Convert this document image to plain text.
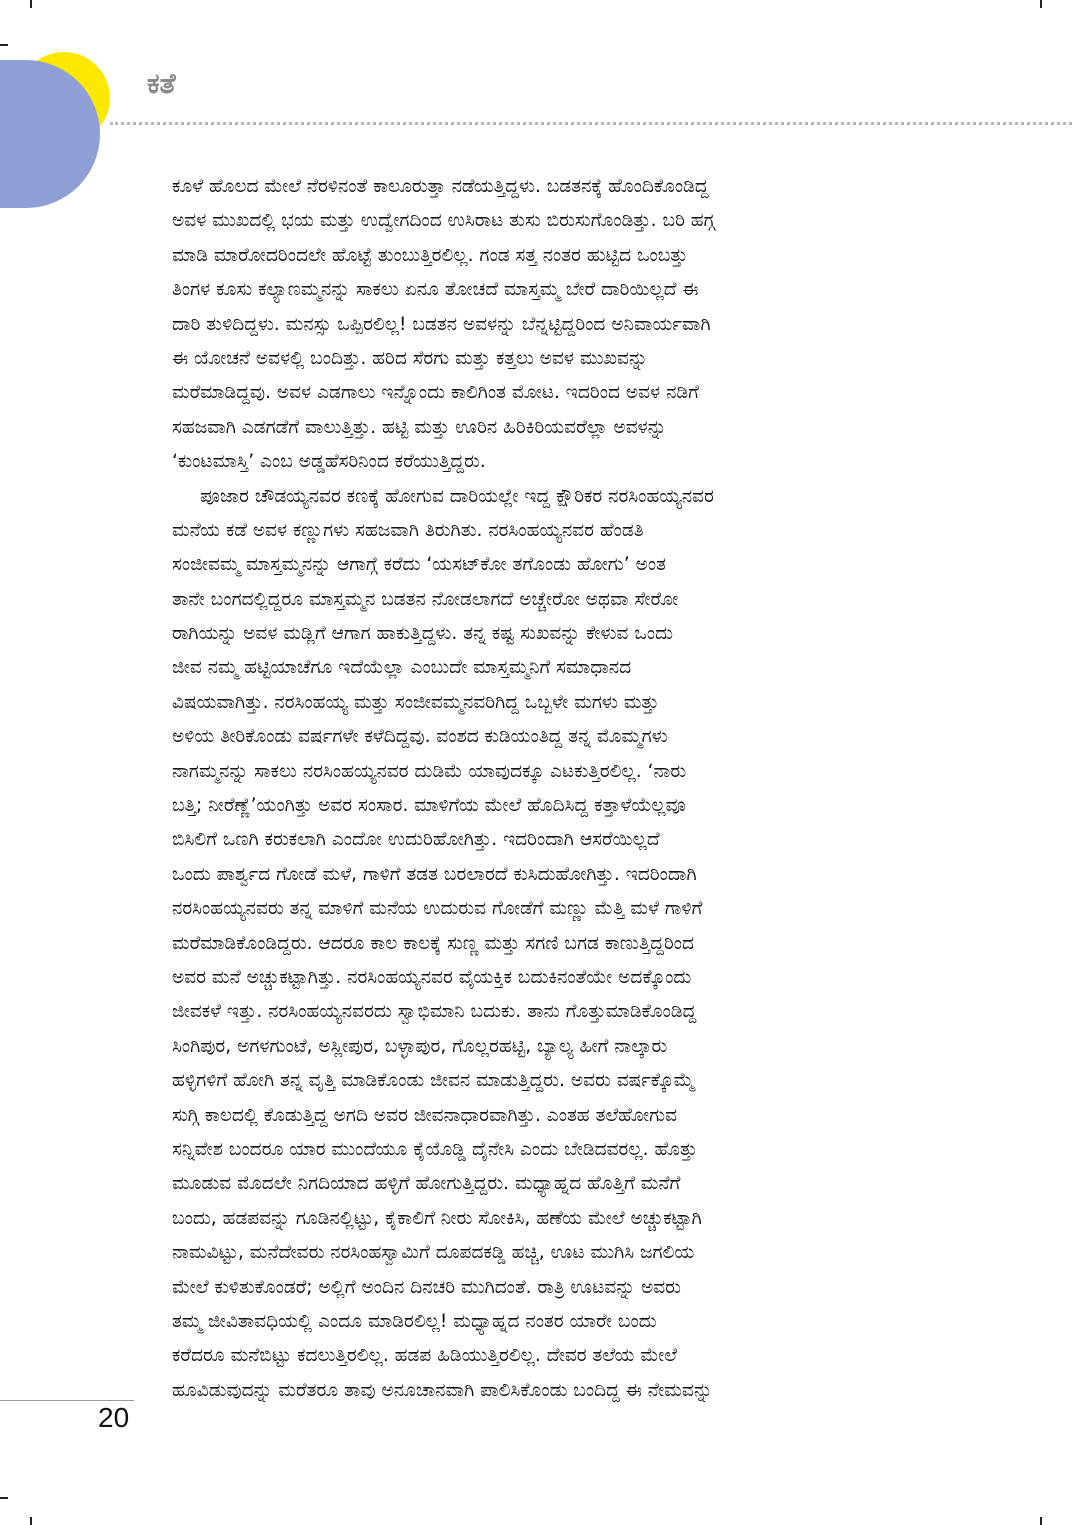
ಕತೆ
ಕೂಳೆ ಹೊಲದ ಮೇಲೆ ನೆರಳಿನಂತೆ ಕಾಲೂರುತ್ತಾ ನಡೆಯತ್ತಿದ್ದಳು. ಬಡತನಕ್ಕೆ ಹೊಂದಿಕೊಂಡಿದ್ದ
ಅವಳ ಮುಖದಲ್ಲಿ ಭಯ ಮತ್ತು ಉದ್ವೇಗದಿಂದ ಉಸಿರಾಟ ತುಸು ಬಿರುಸುಗೊಂಡಿತ್ತು. ಬರಿ ಹಗ್ಗ
ಮಾಡಿ ಮಾರೋದರಿಂದಲೇ ಹೊಟ್ಟೆ ತುಂಬುತ್ತಿರಲಿಲ್ಲ. ಗಂಡ ಸತ್ತ ನಂತರ ಹುಟ್ಟಿದ ಒಂಬತ್ತು
ತಿಂಗಳ ಕೂಸು ಕಲ್ಯಾಣಮ್ಮನನ್ನು ಸಾಕಲು ಏನೂ ತೋಚದೆ ಮಾಸ್ತಮ್ಮ ಬೇರೆ ದಾರಿಯಿಲ್ಲದೆ ಈ
ದಾರಿ ತುಳಿದಿದ್ದಳು. ಮನಸ್ಸು ಒಪ್ಪಿರಲಿಲ್ಲ! ಬಡತನ ಅವಳನ್ನು ಬೆನ್ನಟ್ಟಿದ್ದರಿಂದ ಅನಿವಾರ್ಯವಾಗಿ
ಈ ಯೋಚನೆ ಅವಳಲ್ಲಿ ಬಂದಿತ್ತು. ಹರಿದ ಸೆರಗು ಮತ್ತು ಕತ್ತಲು ಅವಳ ಮುಖವನ್ನು
ಮರೆಮಾಡಿದ್ದವು. ಅವಳ ಎಡಗಾಲು ಇನ್ನೊಂದು ಕಾಲಿಗಿಂತ ಮೋಟ. ಇದರಿಂದ ಅವಳ ನಡಿಗೆ
ಸಹಜವಾಗಿ ಎಡಗಡೆಗೆ ವಾಲುತ್ತಿತ್ತು. ಹಟ್ಟಿ ಮತ್ತು ಊರಿನ ಹಿರಿಕಿರಿಯವರೆಲ್ಲಾ ಅವಳನ್ನು
‘ಕುಂಟಮಾಸ್ತಿ’ ಎಂಬ ಅಡ್ಡಹೆಸರಿನಿಂದ ಕರೆಯುತ್ತಿದ್ದರು.
ಪೂಜಾರ ಚೌಡಯ್ಯನವರ ಕಣಕ್ಕೆ ಹೋಗುವ ದಾರಿಯಲ್ಲೇ ಇದ್ದ ಕ್ಷೌರಿಕರ ನರಸಿಂಹಯ್ಯನವರ
ಮನೆಯ ಕಡೆ ಅವಳ ಕಣ್ಣುಗಳು ಸಹಜವಾಗಿ ತಿರುಗಿತು. ನರಸಿಂಹಯ್ಯನವರ ಹೆಂಡತಿ
ಸಂಜೀವಮ್ಮ ಮಾಸ್ತಮ್ಮನನ್ನು ಆಗಾಗ್ಗೆ ಕರೆದು ‘ಯಸಟ್‌ಕೋ ತಗೊಂಡು ಹೋಗು’ ಅಂತ
ತಾನೇ ಬಂಗದಲ್ಲಿದ್ದರೂ ಮಾಸ್ತಮ್ಮನ ಬಡತನ ನೋಡಲಾಗದೆ ಅಚ್ಚೇರೋ ಅಥವಾ ಸೇರೋ
ರಾಗಿಯನ್ನು ಅವಳ ಮಡ್ಲಿಗೆ ಆಗಾಗ ಹಾಕುತ್ತಿದ್ದಳು. ತನ್ನ ಕಷ್ಟ ಸುಖವನ್ನು ಕೇಳುವ ಒಂದು
ಜೀವ ನಮ್ಮ ಹಟ್ಟಿಯಾಚೆಗೂ ಇದೆಯೆಲ್ಲಾ ಎಂಬುದೇ ಮಾಸ್ತಮ್ಮನಿಗೆ ಸಮಾಧಾನದ
ವಿಷಯವಾಗಿತ್ತು. ನರಸಿಂಹಯ್ಯ ಮತ್ತು ಸಂಜೀವಮ್ಮನವರಿಗಿದ್ದ ಒಬ್ಬಳೇ ಮಗಳು ಮತ್ತು
ಅಳಿಯ ತೀರಿಕೊಂಡು ವರ್ಷಗಳೇ ಕಳೆದಿದ್ದವು. ವಂಶದ ಕುಡಿಯಂತಿದ್ದ ತನ್ನ ಮೊಮ್ಮಗಳು
ನಾಗಮ್ಮನನ್ನು ಸಾಕಲು ನರಸಿಂಹಯ್ಯನವರ ದುಡಿಮೆ ಯಾವುದಕ್ಕೂ ಎಟಕುತ್ತಿರಲಿಲ್ಲ. ‘ನಾರು
ಬತ್ತಿ; ನೀರೆಣ್ಣೆ’ಯಂಗಿತ್ತು ಅವರ ಸಂಸಾರ. ಮಾಳಿಗೆಯ ಮೇಲೆ ಹೊದಿಸಿದ್ದ ಕತ್ತಾಳೆಯೆಲ್ಲವೂ
ಬಿಸಿಲಿಗೆ ಒಣಗಿ ಕರುಕಲಾಗಿ ಎಂದೋ ಉದುರಿಹೋಗಿತ್ತು. ಇದರಿಂದಾಗಿ ಆಸರೆಯಿಲ್ಲದೆ
ಒಂದು ಪಾರ್ಶ್ವದ ಗೋಡೆ ಮಳೆ, ಗಾಳಿಗೆ ತಡತ ಬರಲಾರದೆ ಕುಸಿದುಹೋಗಿತ್ತು. ಇದರಿಂದಾಗಿ
ನರಸಿಂಹಯ್ಯನವರು ತನ್ನ ಮಾಳಿಗೆ ಮನೆಯ ಉದುರುವ ಗೋಡೆಗೆ ಮಣ್ಣು ಮೆತ್ತಿ ಮಳೆ ಗಾಳಿಗೆ
ಮರೆಮಾಡಿಕೊಂಡಿದ್ದರು. ಆದರೂ ಕಾಲ ಕಾಲಕ್ಕೆ ಸುಣ್ಣ ಮತ್ತು ಸಗಣಿ ಬಗಡ ಕಾಣುತ್ತಿದ್ದರಿಂದ
ಅವರ ಮನೆ ಅಚ್ಚುಕಟ್ಟಾಗಿತ್ತು. ನರಸಿಂಹಯ್ಯನವರ ವೈಯಕ್ತಿಕ ಬದುಕಿನಂತೆಯೇ ಅದಕ್ಕೊಂದು
ಜೀವಕಳೆ ಇತ್ತು. ನರಸಿಂಹಯ್ಯನವರದು ಸ್ವಾಭಿಮಾನಿ ಬದುಕು. ತಾನು ಗೊತ್ತುಮಾಡಿಕೊಂಡಿದ್ದ
ಸಿಂಗಿಪುರ, ಅಗಳಗುಂಟೆ, ಅಸ್ಲೀಪುರ, ಬಳ್ಳಾಪುರ, ಗೊಲ್ಲರಹಟ್ಟಿ, ಬ್ಯಾಲ್ಯ ಹೀಗೆ ನಾಲ್ಕಾರು
ಹಳ್ಳಿಗಳಿಗೆ ಹೋಗಿ ತನ್ನ ವೃತ್ತಿ ಮಾಡಿಕೊಂಡು ಜೀವನ ಮಾಡುತ್ತಿದ್ದರು. ಅವರು ವರ್ಷಕ್ಕೊಮ್ಮೆ
ಸುಗ್ಗಿ ಕಾಲದಲ್ಲಿ ಕೊಡುತ್ತಿದ್ದ ಅಗದಿ ಅವರ ಜೀವನಾಧಾರವಾಗಿತ್ತು. ಎಂತಹ ತಲೆಹೋಗುವ
ಸನ್ನಿವೇಶ ಬಂದರೂ ಯಾರ ಮುಂದೆಯೂ ಕೈಯೊಡ್ಡಿ ದೈನೇಸಿ ಎಂದು ಬೇಡಿದವರಲ್ಲ. ಹೊತ್ತು
ಮೂಡುವ ಮೊದಲೇ ನಿಗದಿಯಾದ ಹಳ್ಳಿಗೆ ಹೋಗುತ್ತಿದ್ದರು. ಮಧ್ಯಾಹ್ನದ ಹೊತ್ತಿಗೆ ಮನೆಗೆ
ಬಂದು, ಹಡಪವನ್ನು ಗೂಡಿನಲ್ಲಿಟ್ಟು, ಕೈಕಾಲಿಗೆ ನೀರು ಸೋಕಿಸಿ, ಹಣೆಯ ಮೇಲೆ ಅಚ್ಚುಕಟ್ಟಾಗಿ
ನಾಮವಿಟ್ಟು, ಮನೆದೇವರು ನರಸಿಂಹಸ್ವಾಮಿಗೆ ದೂಪದಕಡ್ಡಿ ಹಚ್ಚಿ, ಊಟ ಮುಗಿಸಿ ಜಗಲಿಯ
ಮೇಲೆ ಕುಳಿತುಕೊಂಡರೆ; ಅಲ್ಲಿಗೆ ಅಂದಿನ ದಿನಚರಿ ಮುಗಿದಂತೆ. ರಾತ್ರಿ ಊಟವನ್ನು ಅವರು
ತಮ್ಮ ಜೀವಿತಾವಧಿಯಲ್ಲಿ ಎಂದೂ ಮಾಡಿರಲಿಲ್ಲ! ಮಧ್ಯಾಹ್ನದ ನಂತರ ಯಾರೇ ಬಂದು
ಕರೆದರೂ ಮನೆಬಿಟ್ಟು ಕದಲುತ್ತಿರಲಿಲ್ಲ. ಹಡಪ ಹಿಡಿಯುತ್ತಿರಲಿಲ್ಲ. ದೇವರ ತಲೆಯ ಮೇಲೆ
ಹೂವಿಡುವುದನ್ನು ಮರೆತರೂ ತಾವು ಅನೂಚಾನವಾಗಿ ಪಾಲಿಸಿಕೊಂಡು ಬಂದಿದ್ದ ಈ ನೇಮವನ್ನು
20
